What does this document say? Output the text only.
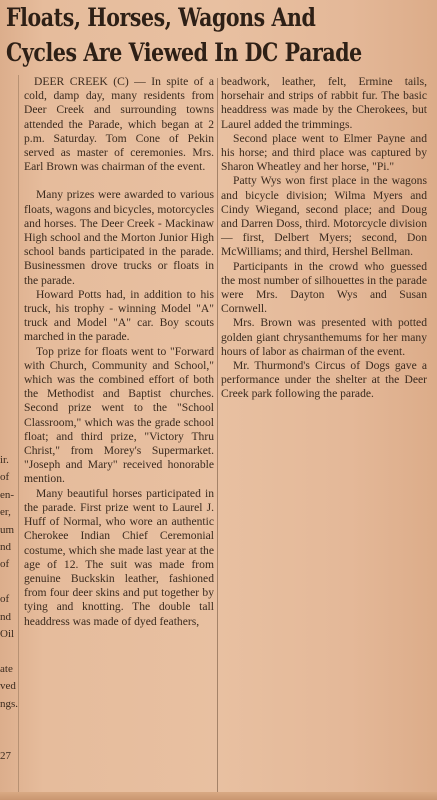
Floats, Horses, Wagons And
Cycles Are Viewed In DC Parade
ir.
of
en-
er,
um
nd
of

of
nd
Oil

ate
ved
ngs.

27

DEER CREEK (C) — In spite of a cold, damp day, many residents from Deer Creek and surrounding towns attended the Parade, which began at 2 p.m. Saturday. Tom Cone of Pekin served as master of ceremonies. Mrs. Earl Brown was chairman of the event.

Many prizes were awarded to various floats, wagons and bicycles, motorcycles and horses. The Deer Creek - Mackinaw High school and the Morton Junior High school bands participated in the parade. Businessmen drove trucks or floats in the parade.

Howard Potts had, in addition to his truck, his trophy - winning Model "A" truck and Model "A" car. Boy scouts marched in the parade.

Top prize for floats went to "Forward with Church, Community and School," which was the combined effort of both the Methodist and Baptist churches. Second prize went to the "School Classroom," which was the grade school float; and third prize, "Victory Thru Christ," from Morey's Supermarket. "Joseph and Mary" received honorable mention.

Many beautiful horses participated in the parade. First prize went to Laurel J. Huff of Normal, who wore an authentic Cherokee Indian Chief Ceremonial costume, which she made last year at the age of 12. The suit was made from genuine Buckskin leather, fashioned from four deer skins and put together by tying and knotting. The double tall headdress was made of dyed feathers,

beadwork, leather, felt, Ermine tails, horsehair and strips of rabbit fur. The basic headdress was made by the Cherokees, but Laurel added the trimmings.

Second place went to Elmer Payne and his horse; and third place was captured by Sharon Wheatley and her horse, "Pi."

Patty Wys won first place in the wagons and bicycle division; Wilma Myers and Cindy Wiegand, second place; and Doug and Darren Doss, third. Motorcycle division — first, Delbert Myers; second, Don McWilliams; and third, Hershel Bellman.

Participants in the crowd who guessed the most number of silhouettes in the parade were Mrs. Dayton Wys and Susan Cornwell.

Mrs. Brown was presented with potted golden giant chrysanthemums for her many hours of labor as chairman of the event.

Mr. Thurmond's Circus of Dogs gave a performance under the shelter at the Deer Creek park following the parade.
